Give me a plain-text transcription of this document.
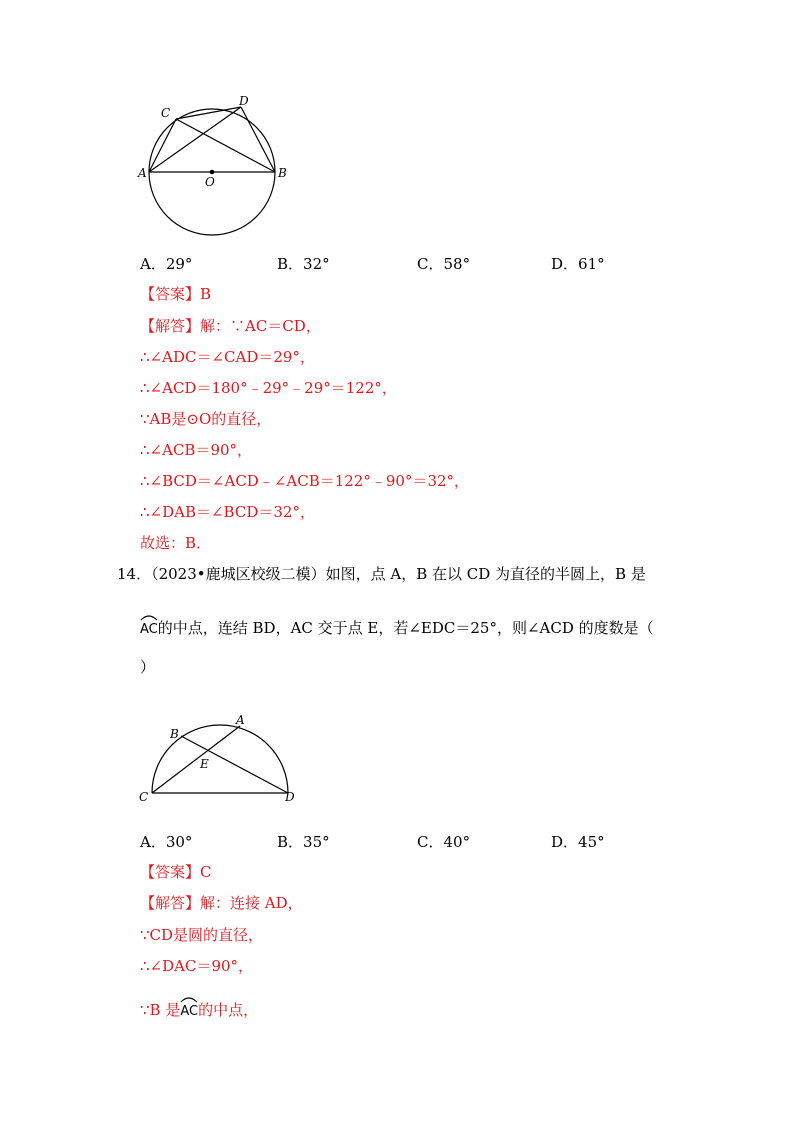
C
D
A
O
B
A．29°	B．32°	C．58°	D．61°
【答案】B
【解答】解：∵AC＝CD，
∴∠ADC＝∠CAD＝29°，
∴∠ACD＝180°﹣29°﹣29°＝122°，
∵AB是⊙O的直径，
∴∠ACB＝90°，
∴∠BCD＝∠ACD﹣∠ACB＝122°﹣90°＝32°，
∴∠DAB＝∠BCD＝32°，
故选：B．
14．（2023•鹿城区校级二模）如图，点 A，B 在以 CD 为直径的半圆上，B 是
AC的中点，连结 BD，AC 交于点 E，若∠EDC＝25°，则∠ACD 的度数是（
）
B
A
E
C	D
A．30°	B．35°	C．40°	D．45°
【答案】C
【解答】解：连接 AD，
∵CD是圆的直径，
∴∠DAC＝90°，
∵B 是
AC的中点，
